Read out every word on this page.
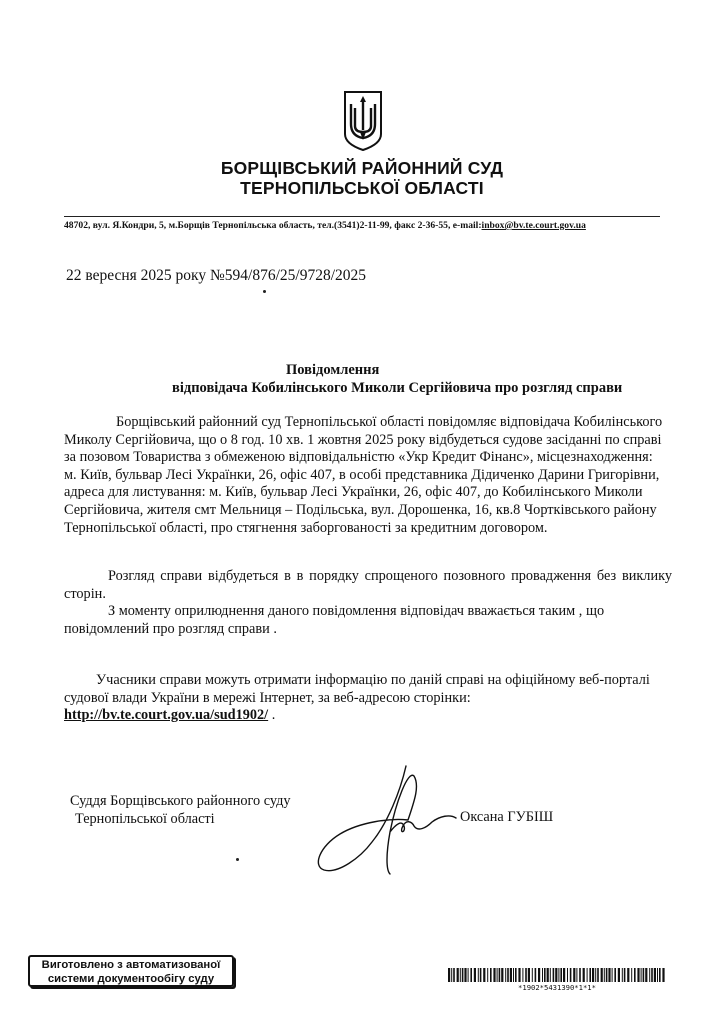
БОРЩІВСЬКИЙ РАЙОННИЙ СУД
ТЕРНОПІЛЬСЬКОЇ ОБЛАСТІ
48702, вул. Я.Кондри, 5, м.Борщів Тернопільська область, тел.(3541)2-11-99, факс 2-36-55, e-mail:inbox@bv.te.court.gov.ua
22 вересня 2025 року №594/876/25/9728/2025
Повідомлення
відповідача Кобилінського Миколи Сергійовича про розгляд справи
Борщівський районний суд Тернопільської області повідомляє відповідача Кобилінського Миколу Сергійовича, що о 8 год. 10 хв. 1 жовтня 2025 року відбудеться судове засіданні по справі за позовом Товариства з обмеженою відповідальністю «Укр Кредит Фінанс», місцезнаходження: м. Київ, бульвар Лесі Українки, 26, офіс 407, в особі представника Дідиченко Дарини Григорівни, адреса для листування: м. Київ, бульвар Лесі Українки, 26, офіс 407, до Кобилінського Миколи Сергійовича, жителя смт Мельниця – Подільська, вул. Дорошенка, 16, кв.8 Чортківського району Тернопільської області, про стягнення заборгованості за кредитним договором.
Розгляд справи відбудеться в в порядку спрощеного позовного провадження без виклику сторін.
З моменту оприлюднення даного повідомлення відповідач вважається таким , що повідомлений про розгляд справи .
Учасники справи можуть отримати інформацію по даній справі на офіційному веб-порталі судової влади України в мережі Інтернет, за веб-адресою сторінки: http://bv.te.court.gov.ua/sud1902/ .
Суддя Борщівського районного суду
Тернопільської області	Оксана ГУБІШ
Виготовлено з автоматизованої
системи документообігу суду
*1902*5431390*1*1*
